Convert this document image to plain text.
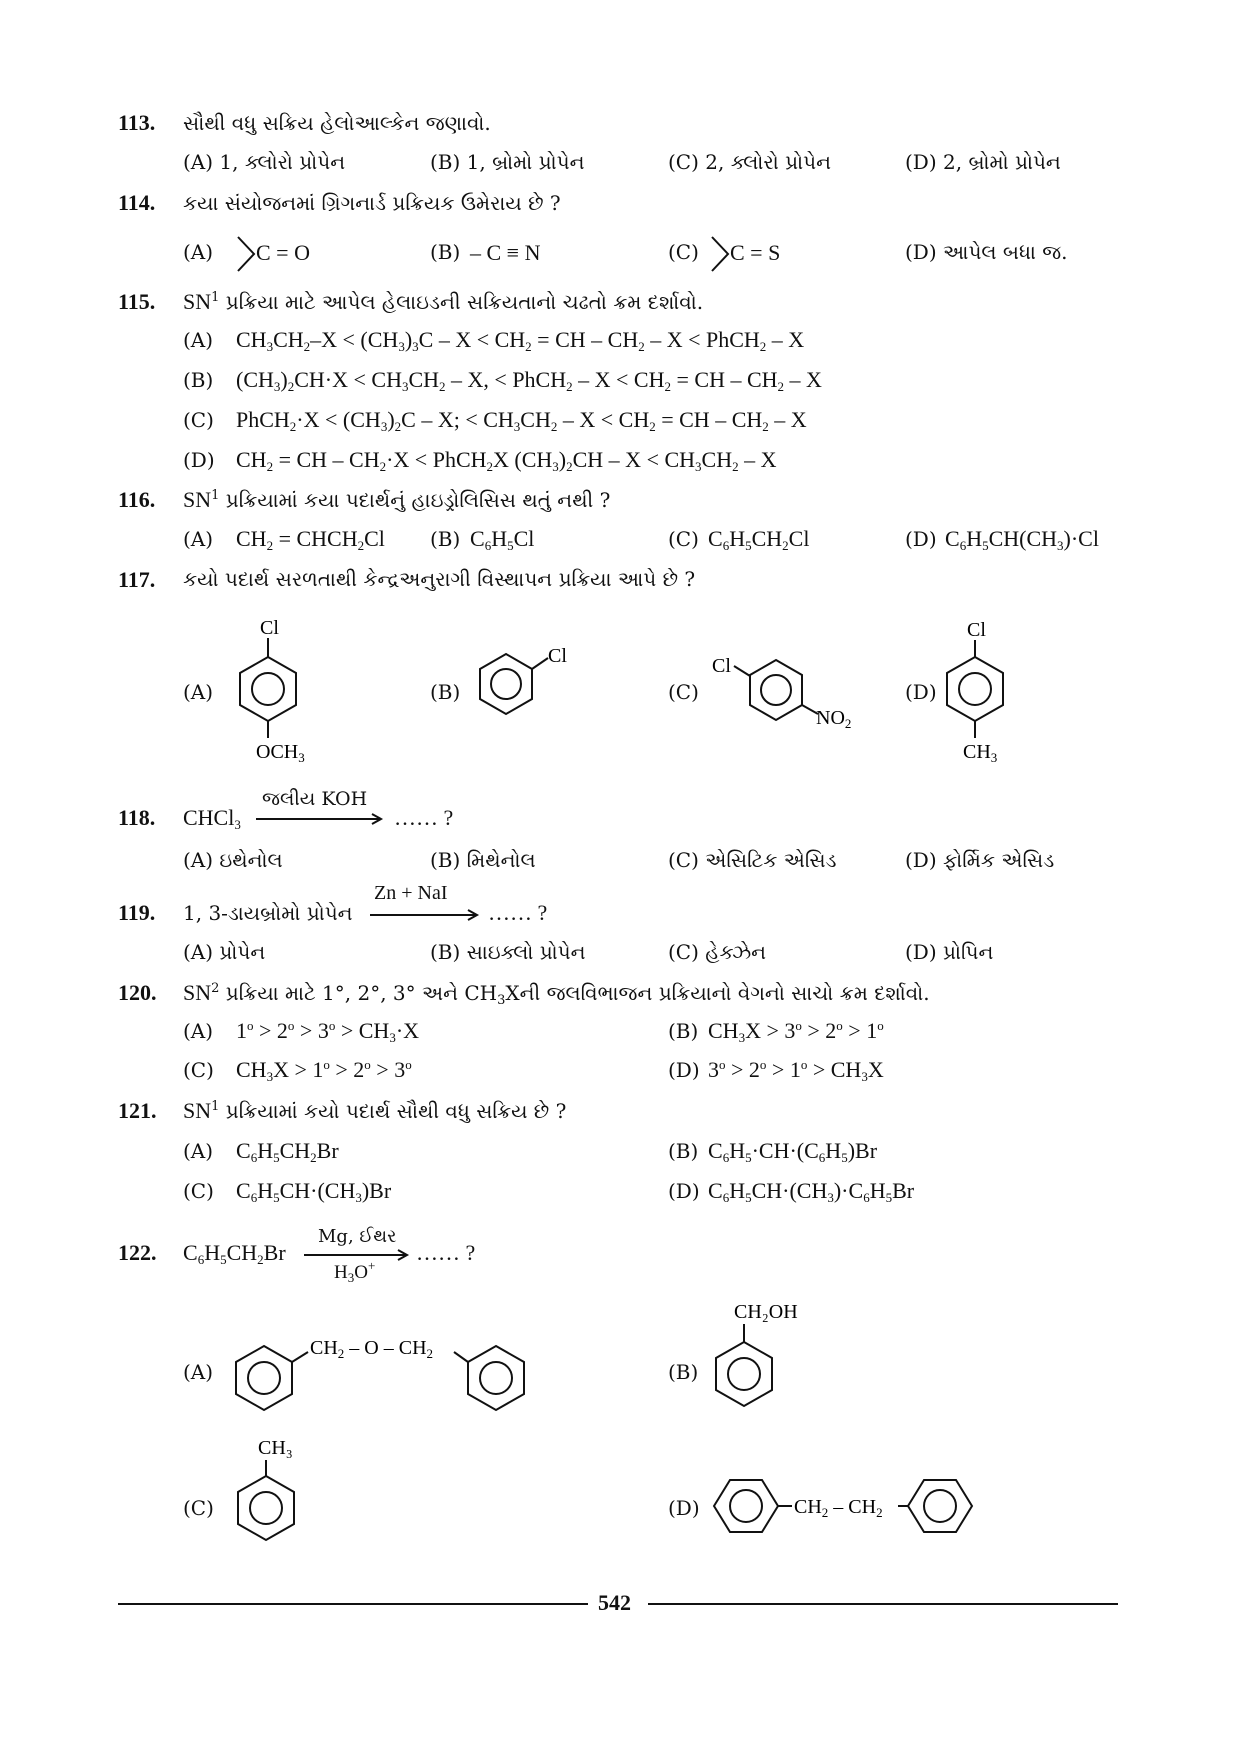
113. સૌથી વધુ સક્રિય હેલોઆલ્કેન જણાવો.
(A) 1, ક્લોરો પ્રોપેન	(B) 1, બ્રોમો પ્રોપેન	(C) 2, ક્લોરો પ્રોપેન	(D) 2, બ્રોમો પ્રોપેન
114. કયા સંયોજનમાં ગ્રિગનાર્ડ પ્રક્રિયક ઉમેરાય છે ?
(A) C = O	(B) – C ≡ N	(C) C = S	(D) આપેલ બધા જ.
115. $SN^1$ પ્રક્રિયા માટે આપેલ હેલાઇડની સક્રિયતાનો ચઢતો ક્રમ દર્શાવો.
(A) $CH_3CH_2-X < (CH_3)_3C - X < CH_2$ = CH – $CH_2$ – X < PhCH$_2$ – X
(B) $(CH_3)_2CH\cdot X < CH_3CH_2 - X$, < PhCH$_2$ – $X < CH_2$ = CH – $CH_2$ – X
(C) PhCH$_2$·X < $(CH_3)_2C$ – X; < $CH_3CH_2 - X < CH_2$ = CH – $CH_2$ – X
(D) $CH_2$ = CH – $CH_2\cdot X$ < PhCH$_2$X $(CH_3)_2CH - X < CH_3CH_2 - X$
116. $SN^1$ પ્રક્રિયામાં કયા પદાર્થનું હાઇડ્રોલિસિસ થતું નથી ?
(A) $CH_2$ = $CHCH_2Cl$ (B) $C_6H_5Cl$	(C) $C_6H_5CH_2Cl$	(D) $C_6H_5CH(CH_3)\cdot Cl$
117. કયો પદાર્થ સરળતાથી કેન્દ્રઅનુરાગી વિસ્થાપન પ્રક્રિયા આપે છે ?
(A)
Cl
$OCH_3$
(B)
Cl
(C)
Cl
$NO_2$
(D)
Cl
$CH_3$
118. CHCl$_3$
જલીય KOH
…… ?
(A) ઇથેનોલ	(B) મિથેનોલ	(C) એસિટિક એસિડ	(D) ફોર્મિક એસિડ
119. 1, 3-ડાયબ્રોમો પ્રોપેન
Zn + NaI
…… ?
(A) પ્રોપેન	(B) સાઇક્લો પ્રોપેન	(C) હેક્ઝેન	(D) પ્રોપિન
120. $SN^2$ પ્રક્રિયા માટે 1°, 2°, 3° અને $CH_3Xની$ જલવિભાજન પ્રક્રિયાનો વેગનો સાચો ક્રમ દર્શાવો.
(A) $1^o > 2^o > 3^o > CH_3\cdot X$	(B) $CH_3X > 3^o > 2^o > 1^o$
(C) $CH_3X > 1^o > 2^o > 3^o$	(D) $3^o > 2^o > 1^o > CH_3X$
121. $SN^1$ પ્રક્રિયામાં કયો પદાર્થ સૌથી વધુ સક્રિય છે ?
(A) $C_6H_5CH_2Br$	(B) $C_6H_5\cdot CH\cdot(C_6H_5)Br$
(C) $C_6H_5CH\cdot(CH_3)Br$	(D) $C_6H_5CH\cdot(CH_3)\cdot C_6H_5Br$
122. $C_6H_5CH_2Br$
Mg, ઈથર
$H_3O^+$
…… ?
(A)
$CH_2$ – O – $CH_2$
(B)
CH₂OH
(C)
CH₃
(D)	$CH_2 - CH_2$
542
